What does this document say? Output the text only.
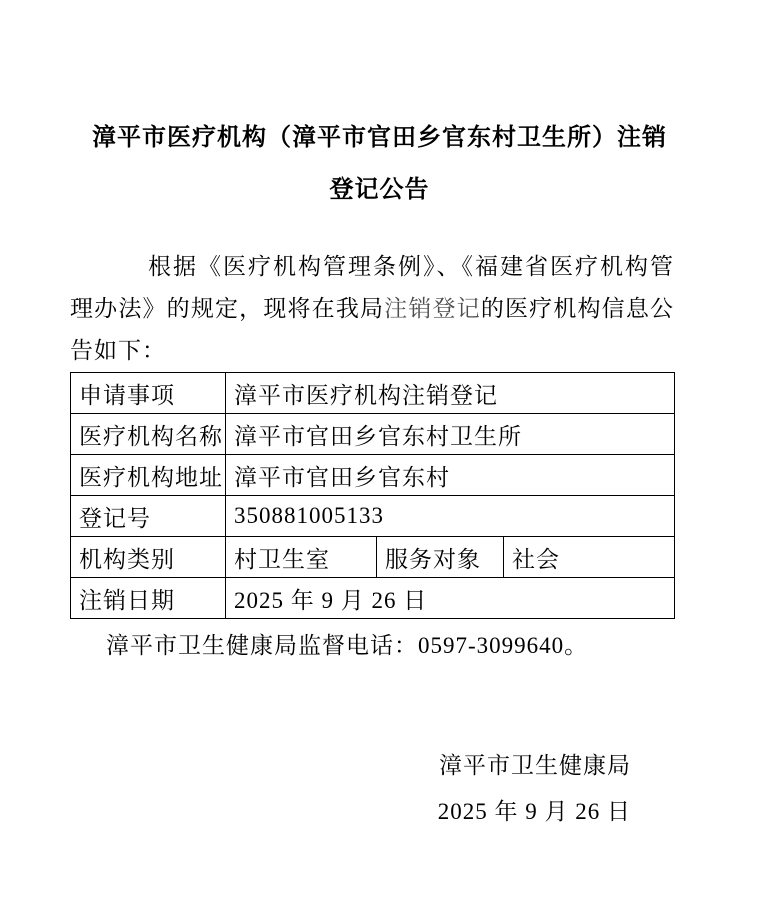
漳平市医疗机构（漳平市官田乡官东村卫生所）注销
登记公告

根据《医疗机构管理条例》、《福建省医疗机构管理办法》的规定，现将在我局注销登记的医疗机构信息公告如下：

申请事项	漳平市医疗机构注销登记		
医疗机构名称	漳平市官田乡官东村卫生所		
医疗机构地址	漳平市官田乡官东村		
登记号	350881005133		
机构类别	村卫生室	服务对象	社会
注销日期	2025 年 9 月 26 日		

漳平市卫生健康局监督电话：0597-3099640。

漳平市卫生健康局
2025 年 9 月 26 日
